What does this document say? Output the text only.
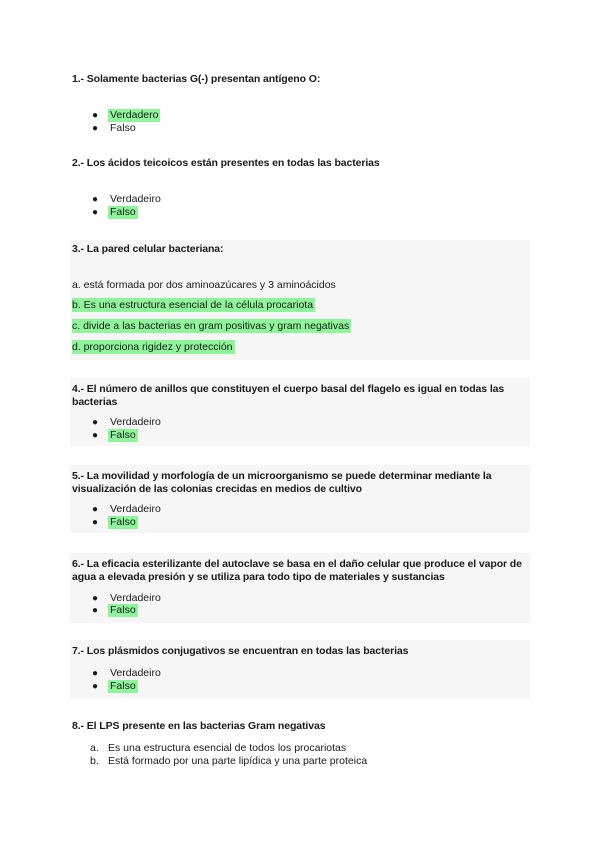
1.- Solamente bacterias G(-) presentan antígeno O:
● Verdadero
● Falso
2.- Los ácidos teicoicos están presentes en todas las bacterias
● Verdadeiro
● Falso
3.- La pared celular bacteriana:
a. está formada por dos aminoazúcares y 3 aminoácidos
b. Es una estructura esencial de la célula procariota
c. divide a las bacterias en gram positivas y gram negativas
d. proporciona rigidez y protección
4.- El número de anillos que constituyen el cuerpo basal del flagelo es igual en todas las bacterias
● Verdadeiro
● Falso
5.- La movilidad y morfología de un microorganismo se puede determinar mediante la visualización de las colonias crecidas en medios de cultivo
● Verdadeiro
● Falso
6.- La eficacia esterilizante del autoclave se basa en el daño celular que produce el vapor de agua a elevada presión y se utiliza para todo tipo de materiales y sustancias
● Verdadeiro
● Falso
7.- Los plásmidos conjugativos se encuentran en todas las bacterias
● Verdadeiro
● Falso
8.- El LPS presente en las bacterias Gram negativas
a. Es una estructura esencial de todos los procariotas
b. Está formado por una parte lipídica y una parte proteica
